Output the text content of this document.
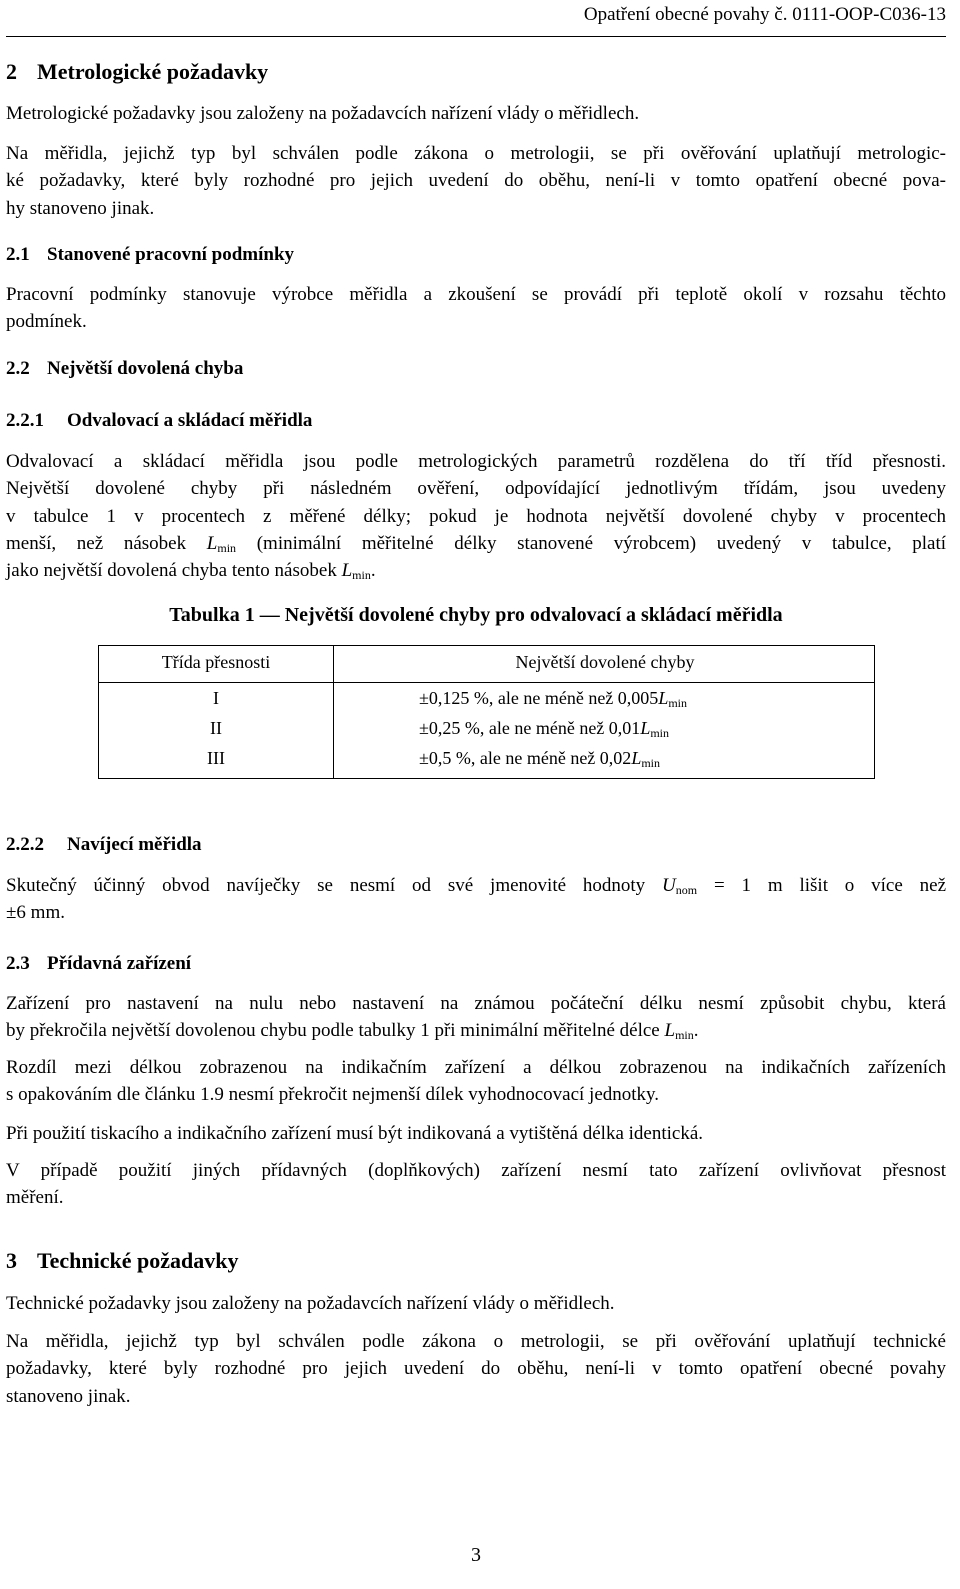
Opatření obecné povahy č. 0111-OOP-C036-13
2 Metrologické požadavky
Metrologické požadavky jsou založeny na požadavcích nařízení vlády o měřidlech.
Na měřidla, jejichž typ byl schválen podle zákona o metrologii, se při ověřování uplatňují metrologic-
ké požadavky, které byly rozhodné pro jejich uvedení do oběhu, není-li v tomto opatření obecné pova-
hy stanoveno jinak.
2.1 Stanovené pracovní podmínky
Pracovní podmínky stanovuje výrobce měřidla a zkoušení se provádí při teplotě okolí v rozsahu těchto
podmínek.
2.2 Největší dovolená chyba
2.2.1 Odvalovací a skládací měřidla
Odvalovací a skládací měřidla jsou podle metrologických parametrů rozdělena do tří tříd přesnosti.
Největší dovolené chyby při následném ověření, odpovídající jednotlivým třídám, jsou uvedeny
v tabulce 1 v procentech z měřené délky; pokud je hodnota největší dovolené chyby v procentech
menší, než násobek $L_{min}$ (minimální měřitelné délky stanovené výrobcem) uvedený v tabulce, platí
jako největší dovolená chyba tento násobek $L_{min}$.
Tabulka 1 — Největší dovolené chyby pro odvalovací a skládací měřidla
Třída přesnosti	Největší dovolené chyby
I	±0,125 %, ale ne méně než $0,005L_{min}$
II	±0,25 %, ale ne méně než $0,01L_{min}$
III	±0,5 %, ale ne méně než $0,02L_{min}$
2.2.2 Navíjecí měřidla
Skutečný účinný obvod navíječky se nesmí od své jmenovité hodnoty $U_{nom} = 1$ m lišit o více než
±6 mm.
2.3 Přídavná zařízení
Zařízení pro nastavení na nulu nebo nastavení na známou počáteční délku nesmí způsobit chybu, která
by překročila největší dovolenou chybu podle tabulky 1 při minimální měřitelné délce $L_{min}$.
Rozdíl mezi délkou zobrazenou na indikačním zařízení a délkou zobrazenou na indikačních zařízeních
s opakováním dle článku 1.9 nesmí překročit nejmenší dílek vyhodnocovací jednotky.
Při použití tiskacího a indikačního zařízení musí být indikovaná a vytištěná délka identická.
V případě použití jiných přídavných (doplňkových) zařízení nesmí tato zařízení ovlivňovat přesnost
měření.
3 Technické požadavky
Technické požadavky jsou založeny na požadavcích nařízení vlády o měřidlech.
Na měřidla, jejichž typ byl schválen podle zákona o metrologii, se při ověřování uplatňují technické
požadavky, které byly rozhodné pro jejich uvedení do oběhu, není-li v tomto opatření obecné povahy
stanoveno jinak.
3
